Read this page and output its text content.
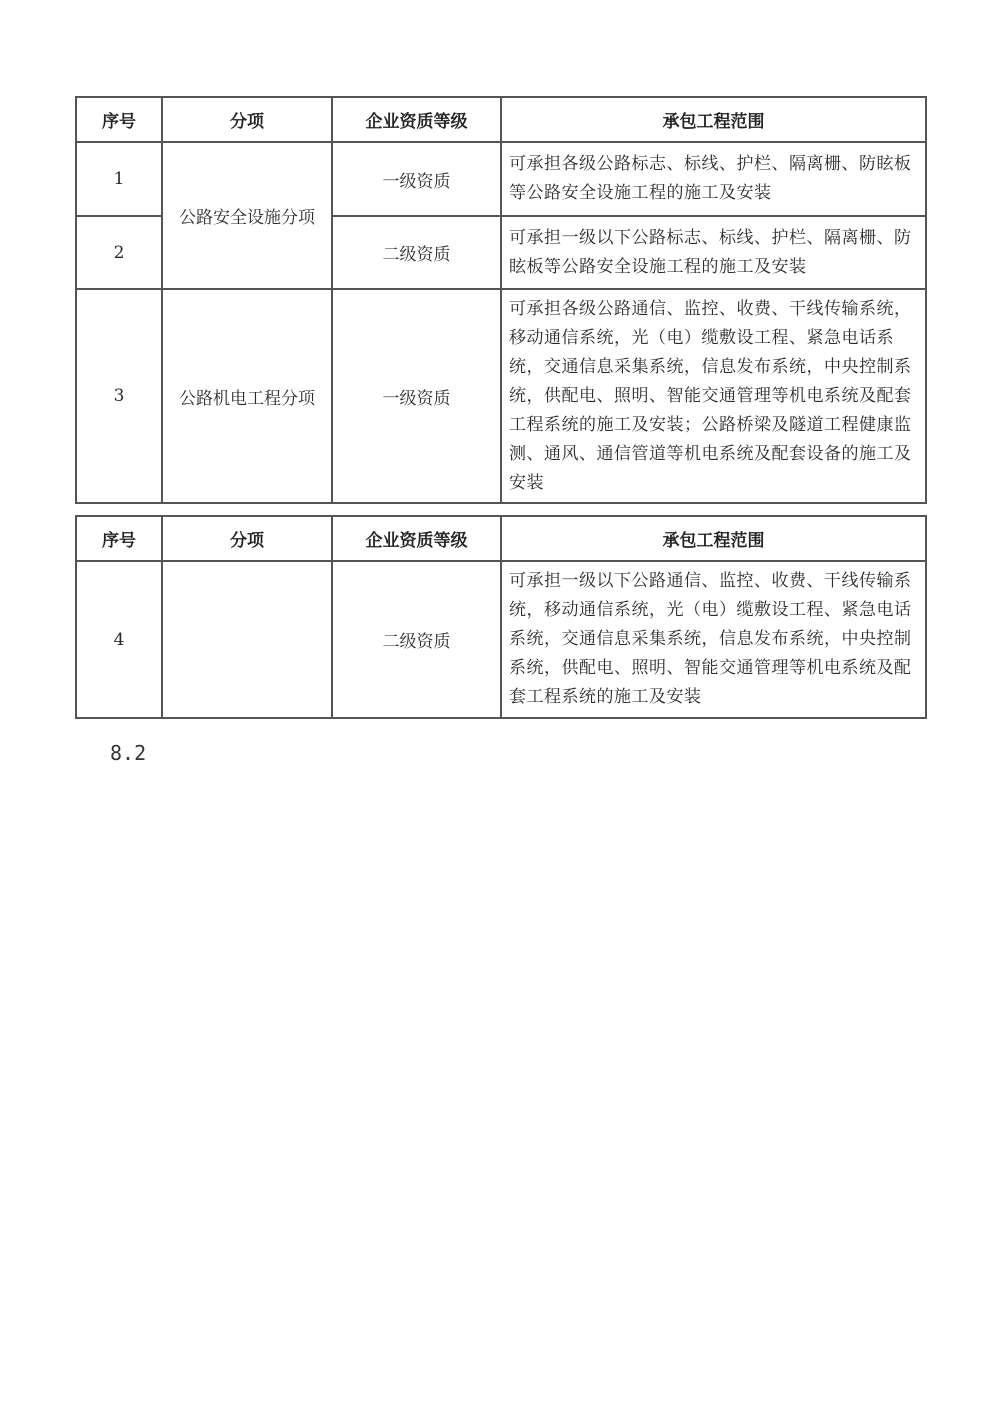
序号	分项	企业资质等级	承包工程范围
1	公路安全设施分项	一级资质	可承担各级公路标志、标线、护栏、隔离栅、防眩板等公路安全设施工程的施工及安装
2		二级资质	可承担一级以下公路标志、标线、护栏、隔离栅、防眩板等公路安全设施工程的施工及安装
3	公路机电工程分项	一级资质	可承担各级公路通信、监控、收费、干线传输系统，移动通信系统，光（电）缆敷设工程、紧急电话系统，交通信息采集系统，信息发布系统，中央控制系统，供配电、照明、智能交通管理等机电系统及配套工程系统的施工及安装；公路桥梁及隧道工程健康监测、通风、通信管道等机电系统及配套设备的施工及安装
序号	分项	企业资质等级	承包工程范围
4		二级资质	可承担一级以下公路通信、监控、收费、干线传输系统，移动通信系统，光（电）缆敷设工程、紧急电话系统，交通信息采集系统，信息发布系统，中央控制系统，供配电、照明、智能交通管理等机电系统及配套工程系统的施工及安装
8.2
